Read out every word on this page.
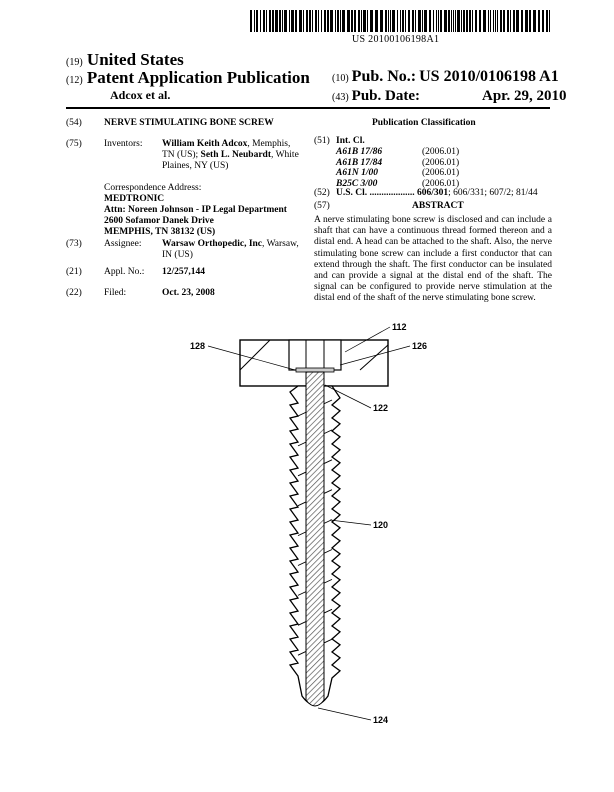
US 20100106198A1
(19) United States
(12) Patent Application Publication
Adcox et al.
(10) Pub. No.: US 2010/0106198 A1
(43) Pub. Date:	Apr. 29, 2010
(54) NERVE STIMULATING BONE SCREW
(75) Inventors: William Keith Adcox, Memphis,
TN (US); Seth L. Neubardt, White
Plaines, NY (US)
Correspondence Address:
MEDTRONIC
Attn: Noreen Johnson - IP Legal Department
2600 Sofamor Danek Drive
MEMPHIS, TN 38132 (US)
(73) Assignee: Warsaw Orthopedic, Inc, Warsaw,
IN (US)
(21) Appl. No.: 12/257,144
(22) Filed:	Oct. 23, 2008
Publication Classification
(51) Int. Cl.
A61B 17/86	(2006.01)
A61B 17/84	(2006.01)
A61N 1/00	(2006.01)
B25C 3/00	(2006.01)
(52) U.S. Cl. ................... 606/301; 606/331; 607/2; 81/44
(57)	ABSTRACT
A nerve stimulating bone screw is disclosed and can include a shaft that can have a continuous thread formed thereon and a distal end. A head can be attached to the shaft. Also, the nerve stimulating bone screw can include a first conductor that can extend through the shaft. The first conductor can be insulated and can provide a signal at the distal end of the shaft. The signal can be configured to provide nerve stimulation at the distal end of the shaft of the nerve stimulating bone screw.
112
128	126
122
120
124
